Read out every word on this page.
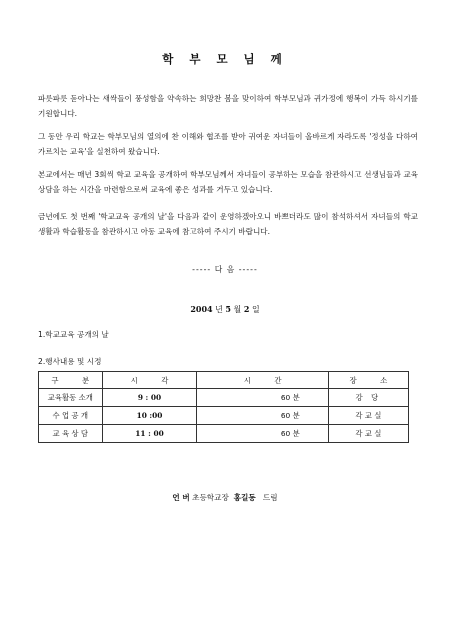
학 부 모 님 께

파릇파릇 돋아나는 새싹들이 풍성함을 약속하는 희망찬 봄을 맞이하여 학부모님과 귀가정에 행복이 가득 하시기를 기원합니다.

그 동안 우리 학교는 학부모님의 열의에 찬 이해와 협조를 받아 귀여운 자녀들이 올바르게 자라도록 '정성을 다하여 가르치는 교육'을 실천하여 왔습니다.

본교에서는 매년 3회씩 학교 교육을 공개하여 학부모님께서 자녀들이 공부하는 모습을 참관하시고 선생님들과 교육상담을 하는 시간을 마련함으로써 교육에 좋은 성과를 거두고 있습니다.

금년에도 첫 번째 '학교교육 공개의 날'을 다음과 같이 운영하겠아오니 바쁘더라도 많이 참석하셔서 자녀들의 학교생활과 학습활동을 참관하시고 아동 교육에 참고하여 주시기 바랍니다.

----- 다 음 -----
2004 년 5 월 2 일
1.학교교육 공개의 날
2.행사내용 및 시정
구          분	시          각	시          간	장          소
교육활동 소개	9 : 00	60 분	강 당
수 업 공 개	10 :00	60 분	각 교 실
교 육 상 담	11 : 00	60 분	각 교 실
언 버 초등학교장 홍길동 드림
